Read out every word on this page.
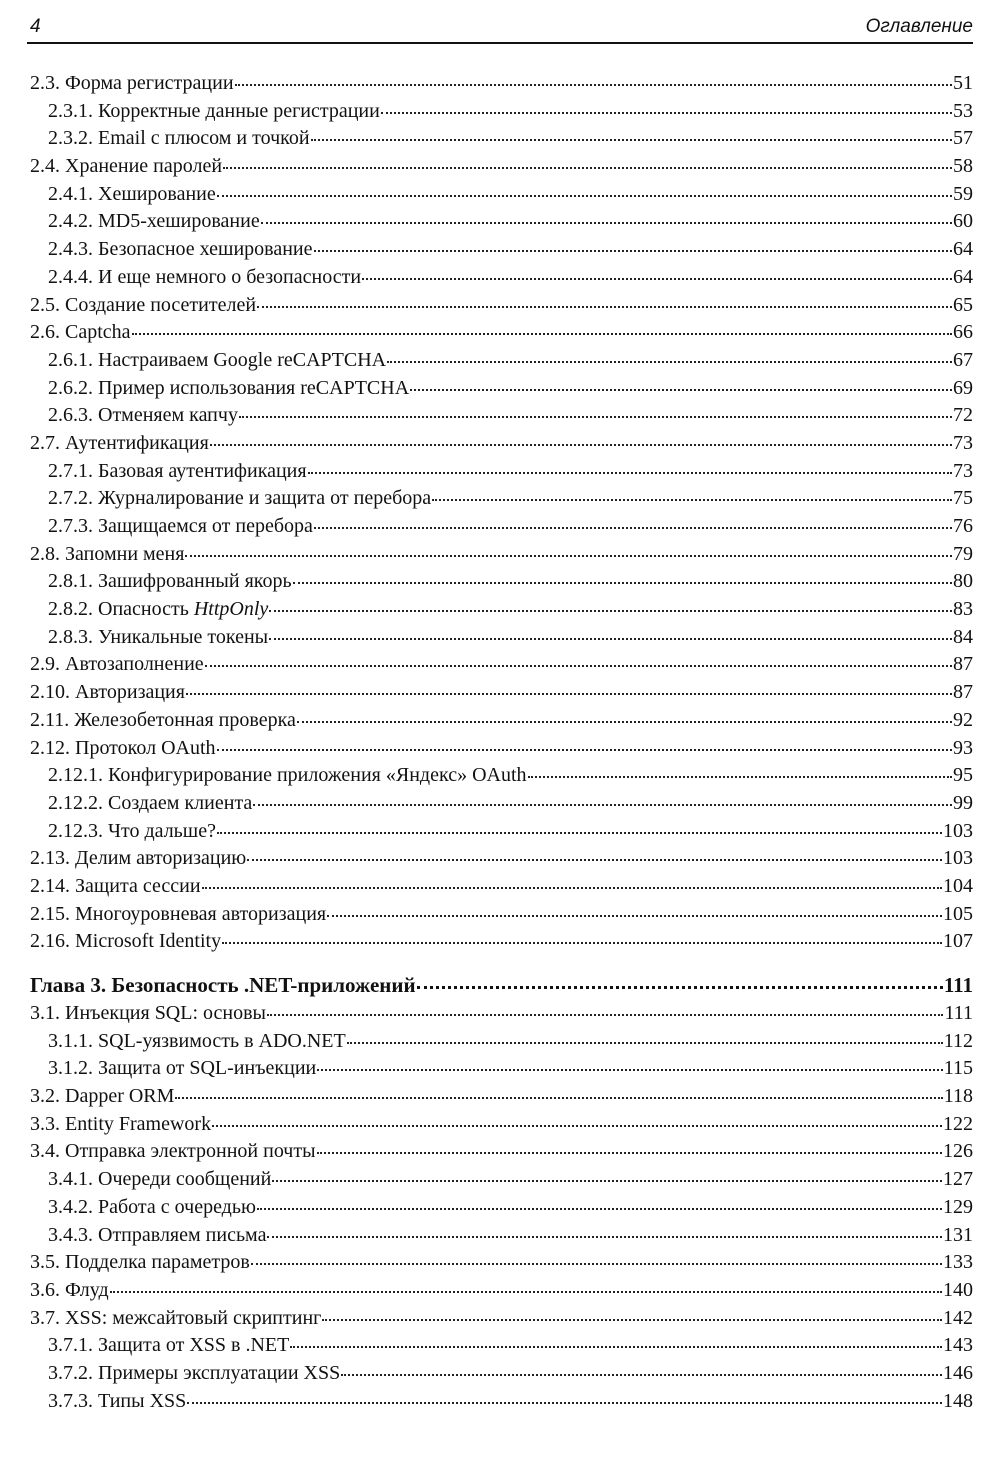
4	Оглавление
2.3. Форма регистрации	51
2.3.1. Корректные данные регистрации	53
2.3.2. Email с плюсом и точкой	57
2.4. Хранение паролей	58
2.4.1. Хеширование	59
2.4.2. MD5-хеширование	60
2.4.3. Безопасное хеширование	64
2.4.4. И еще немного о безопасности	64
2.5. Создание посетителей	65
2.6. Captcha	66
2.6.1. Настраиваем Google reCAPTCHA	67
2.6.2. Пример использования reCAPTCHA	69
2.6.3. Отменяем капчу	72
2.7. Аутентификация	73
2.7.1. Базовая аутентификация	73
2.7.2. Журналирование и защита от перебора	75
2.7.3. Защищаемся от перебора	76
2.8. Запомни меня	79
2.8.1. Зашифрованный якорь	80
2.8.2. Опасность HttpOnly	83
2.8.3. Уникальные токены	84
2.9. Автозаполнение	87
2.10. Авторизация	87
2.11. Железобетонная проверка	92
2.12. Протокол OAuth	93
2.12.1. Конфигурирование приложения «Яндекс» OAuth	95
2.12.2. Создаем клиента	99
2.12.3. Что дальше?	103
2.13. Делим авторизацию	103
2.14. Защита сессии	104
2.15. Многоуровневая авторизация	105
2.16. Microsoft Identity	107
Глава 3. Безопасность .NET-приложений	111
3.1. Инъекция SQL: основы	111
3.1.1. SQL-уязвимость в ADO.NET	112
3.1.2. Защита от SQL-инъекции	115
3.2. Dapper ORM	118
3.3. Entity Framework	122
3.4. Отправка электронной почты	126
3.4.1. Очереди сообщений	127
3.4.2. Работа с очередью	129
3.4.3. Отправляем письма	131
3.5. Подделка параметров	133
3.6. Флуд	140
3.7. XSS: межсайтовый скриптинг	142
3.7.1. Защита от XSS в .NET	143
3.7.2. Примеры эксплуатации XSS	146
3.7.3. Типы XSS	148
